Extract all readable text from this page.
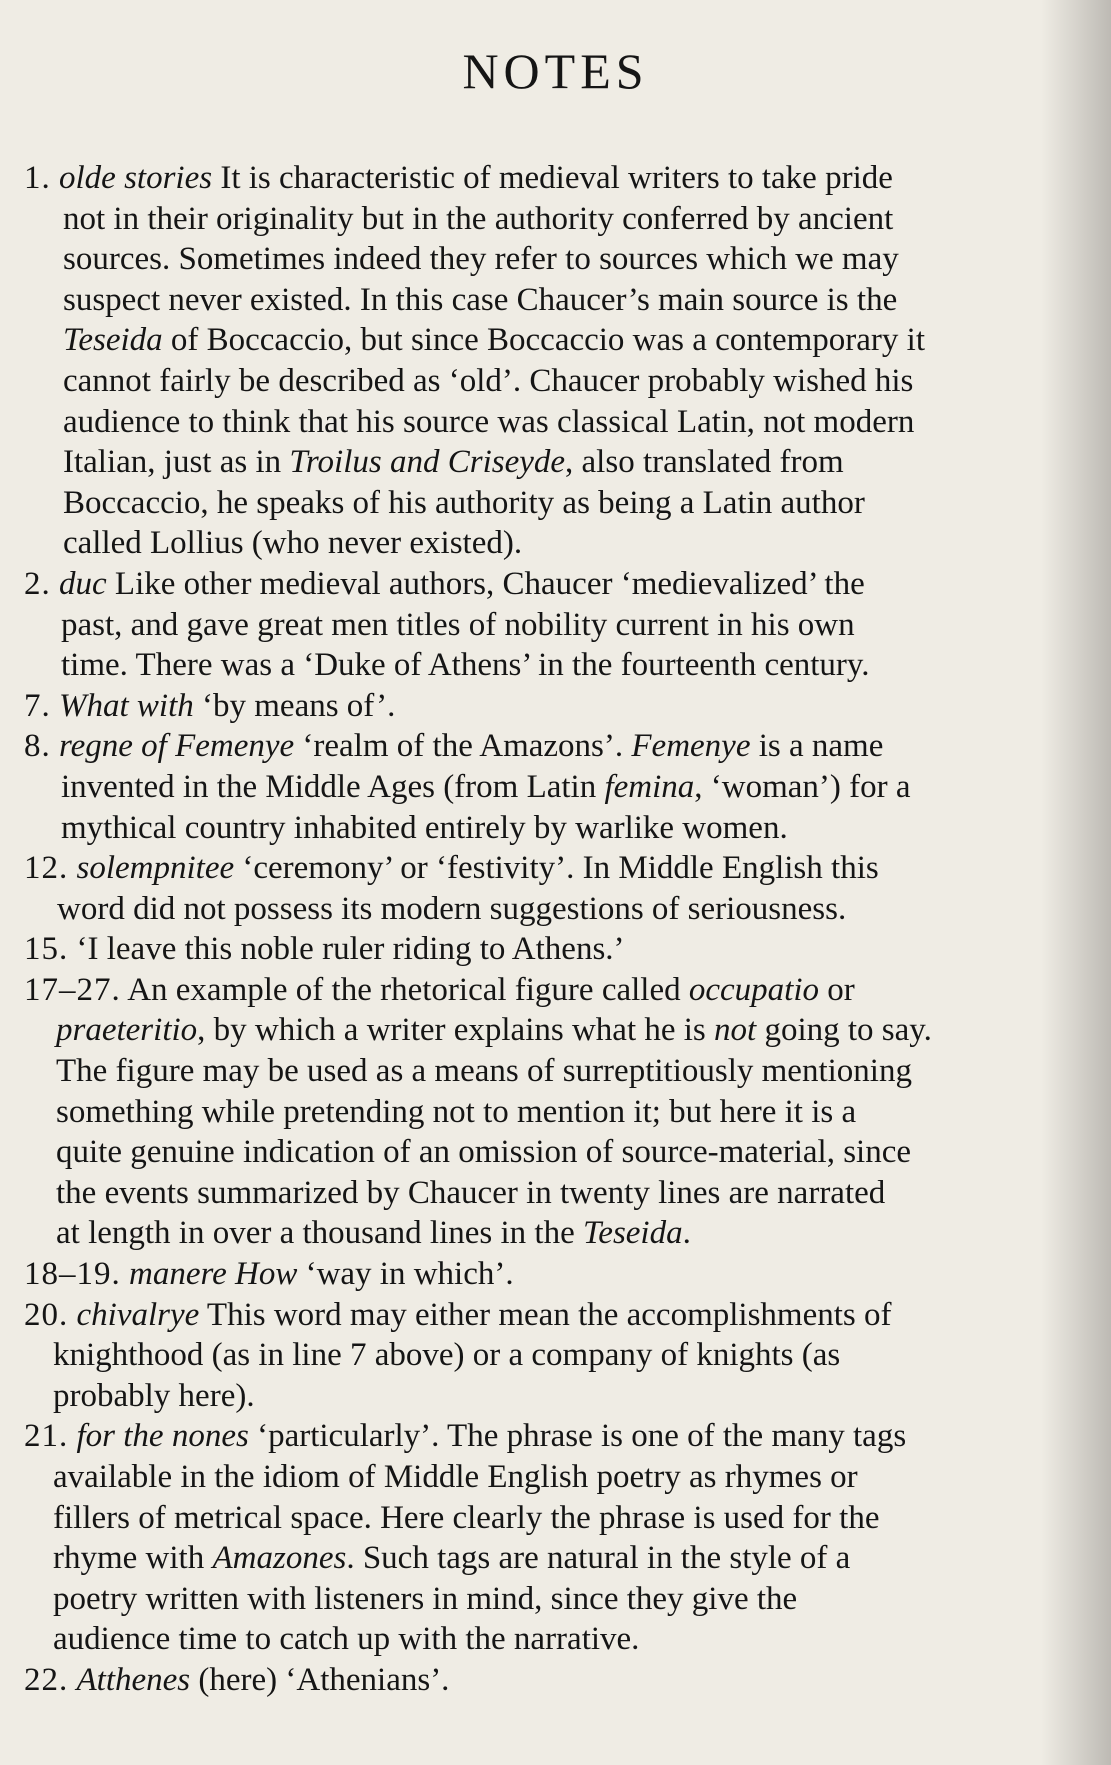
NOTES
1. olde stories It is characteristic of medieval writers to take pride
not in their originality but in the authority conferred by ancient
sources. Sometimes indeed they refer to sources which we may
suspect never existed. In this case Chaucer’s main source is the
Teseida of Boccaccio, but since Boccaccio was a contemporary it
cannot fairly be described as ‘old’. Chaucer probably wished his
audience to think that his source was classical Latin, not modern
Italian, just as in Troilus and Criseyde, also translated from
Boccaccio, he speaks of his authority as being a Latin author
called Lollius (who never existed).
2. duc Like other medieval authors, Chaucer ‘medievalized’ the
past, and gave great men titles of nobility current in his own
time. There was a ‘Duke of Athens’ in the fourteenth century.
7. What with ‘by means of’.
8. regne of Femenye ‘realm of the Amazons’. Femenye is a name
invented in the Middle Ages (from Latin femina, ‘woman’) for a
mythical country inhabited entirely by warlike women.
12. solempnitee ‘ceremony’ or ‘festivity’. In Middle English this
word did not possess its modern suggestions of seriousness.
15. ‘I leave this noble ruler riding to Athens.’
17–27. An example of the rhetorical figure called occupatio or
praeteritio, by which a writer explains what he is not going to say.
The figure may be used as a means of surreptitiously mentioning
something while pretending not to mention it; but here it is a
quite genuine indication of an omission of source-material, since
the events summarized by Chaucer in twenty lines are narrated
at length in over a thousand lines in the Teseida.
18–19. manere How ‘way in which’.
20. chivalrye This word may either mean the accomplishments of
knighthood (as in line 7 above) or a company of knights (as
probably here).
21. for the nones ‘particularly’. The phrase is one of the many tags
available in the idiom of Middle English poetry as rhymes or
fillers of metrical space. Here clearly the phrase is used for the
rhyme with Amazones. Such tags are natural in the style of a
poetry written with listeners in mind, since they give the
audience time to catch up with the narrative.
22. Atthenes (here) ‘Athenians’.
